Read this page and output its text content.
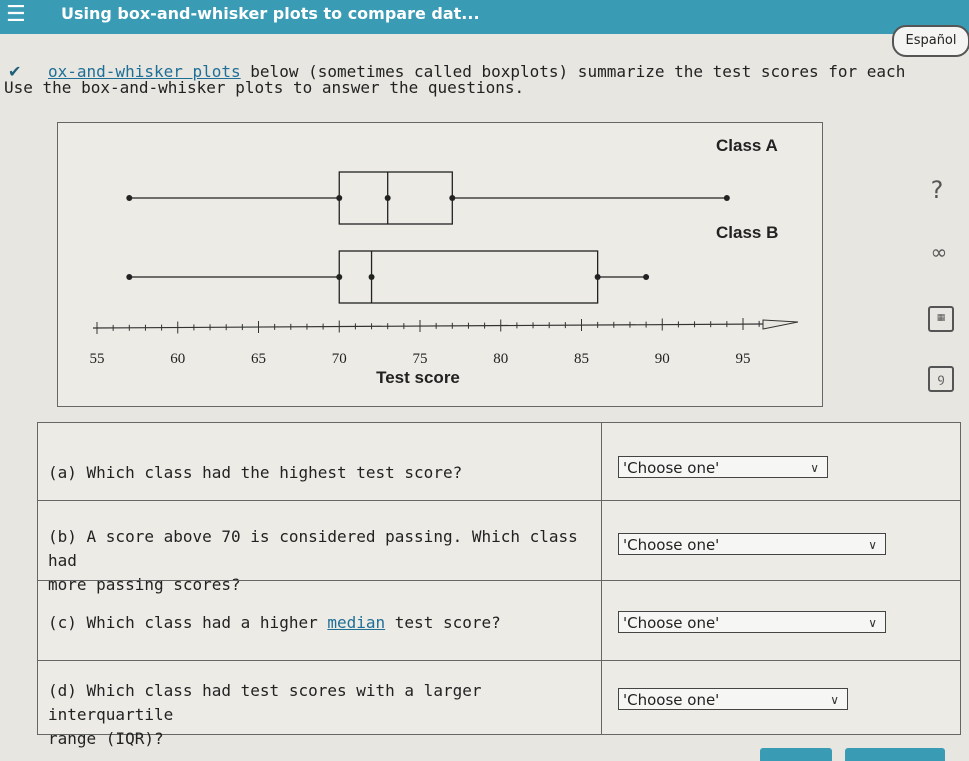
☰	Using box-and-whisker plots to compare dat...
✔
Español
ox-and-whisker plots below (sometimes called boxplots) summarize the test scores for each
Use the box-and-whisker plots to answer the questions.
Class A
Class B
55	60	65	70	75	80	85	90	95
Test score
?
∞
▦
ꝯ
(a) Which class had the highest test score?	'Choose one'	∨
(b) A score above 70 is considered passing. Which class had
more passing scores?
'Choose one'	∨
(c) Which class had a higher median test score?	'Choose one'	∨
(d) Which class had test scores with a larger interquartile
range (IQR)?
'Choose one'	∨
